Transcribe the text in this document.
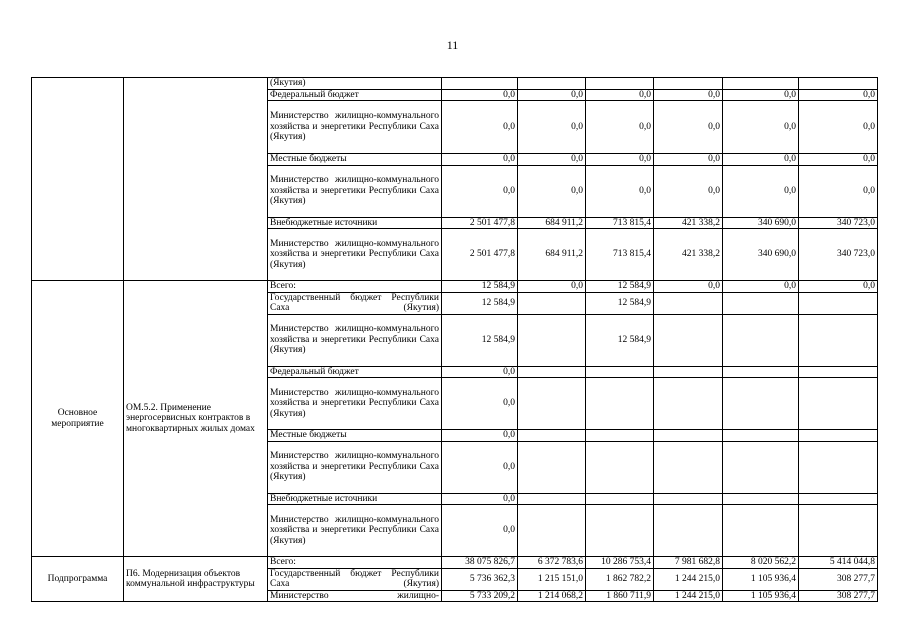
11
		(Якутия)						
		Федеральный бюджет	0,0	0,0	0,0	0,0	0,0	0,0
		Министерство жилищно-коммунального хозяйства и энергетики Республики Саха (Якутия)	0,0	0,0	0,0	0,0	0,0	0,0
		Местные бюджеты	0,0	0,0	0,0	0,0	0,0	0,0
		Министерство жилищно-коммунального хозяйства и энергетики Республики Саха (Якутия)	0,0	0,0	0,0	0,0	0,0	0,0
		Внебюджетные источники	2 501 477,8	684 911,2	713 815,4	421 338,2	340 690,0	340 723,0
		Министерство жилищно-коммунального хозяйства и энергетики Республики Саха (Якутия)	2 501 477,8	684 911,2	713 815,4	421 338,2	340 690,0	340 723,0
Основное мероприятие	ОМ.5.2. Применение энергосервисных контрактов в многоквартирных жилых домах	Всего:	12 584,9	0,0	12 584,9	0,0	0,0	0,0
		Государственный бюджет Республики Саха (Якутия)	12 584,9		12 584,9			
		Министерство жилищно-коммунального хозяйства и энергетики Республики Саха (Якутия)	12 584,9		12 584,9			
		Федеральный бюджет	0,0					
		Министерство жилищно-коммунального хозяйства и энергетики Республики Саха (Якутия)	0,0					
		Местные бюджеты	0,0					
		Министерство жилищно-коммунального хозяйства и энергетики Республики Саха (Якутия)	0,0					
		Внебюджетные источники	0,0					
		Министерство жилищно-коммунального хозяйства и энергетики Республики Саха (Якутия)	0,0					
Подпрограмма	П6. Модернизация объектов коммунальной инфраструктуры	Всего:	38 075 826,7	6 372 783,6	10 286 753,4	7 981 682,8	8 020 562,2	5 414 044,8
		Государственный бюджет Республики Саха (Якутия)	5 736 362,3	1 215 151,0	1 862 782,2	1 244 215,0	1 105 936,4	308 277,7
		Министерство жилищно-	5 733 209,2	1 214 068,2	1 860 711,9	1 244 215,0	1 105 936,4	308 277,7
